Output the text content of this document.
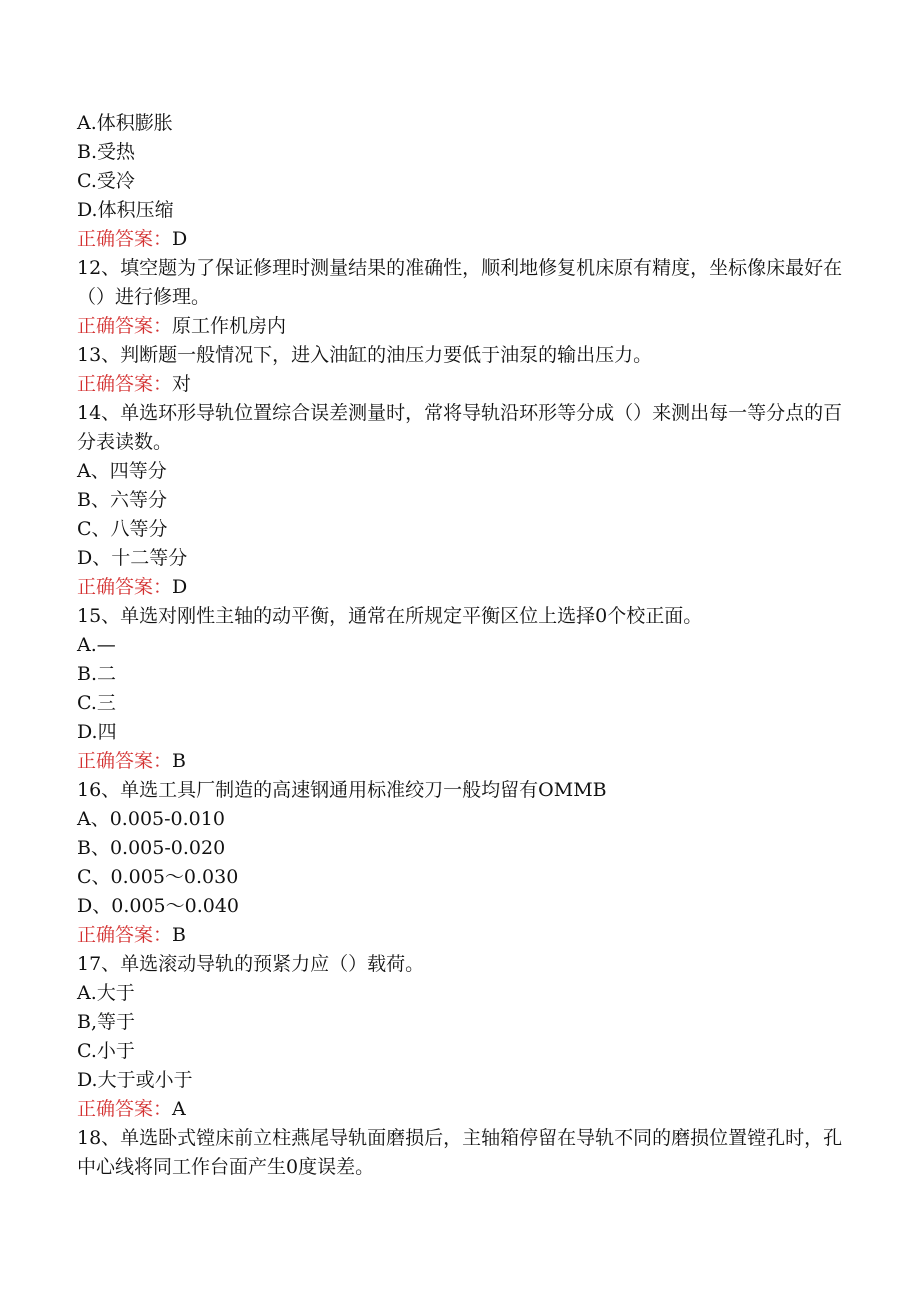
A.体积膨胀
B.受热
C.受冷
D.体积压缩
正确答案：D
12、填空题为了保证修理时测量结果的准确性，顺利地修复机床原有精度，坐标像床最好在（）进行修理。
正确答案：原工作机房内
13、判断题一般情况下，进入油缸的油压力要低于油泵的输出压力。
正确答案：对
14、单选环形导轨位置综合误差测量时，常将导轨沿环形等分成（）来测出每一等分点的百分表读数。
A、四等分
B、六等分
C、八等分
D、十二等分
正确答案：D
15、单选对刚性主轴的动平衡，通常在所规定平衡区位上选择0个校正面。
A.—
B.二
C.三
D.四
正确答案：B
16、单选工具厂制造的高速钢通用标准绞刀一般均留有OMMB
A、0.005-0.010
B、0.005-0.020
C、0.005～0.030
D、0.005～0.040
正确答案：B
17、单选滚动导轨的预紧力应（）载荷。
A.大于
B,等于
C.小于
D.大于或小于
正确答案：A
18、单选卧式镗床前立柱燕尾导轨面磨损后，主轴箱停留在导轨不同的磨损位置镗孔时，孔中心线将同工作台面产生0度误差。
